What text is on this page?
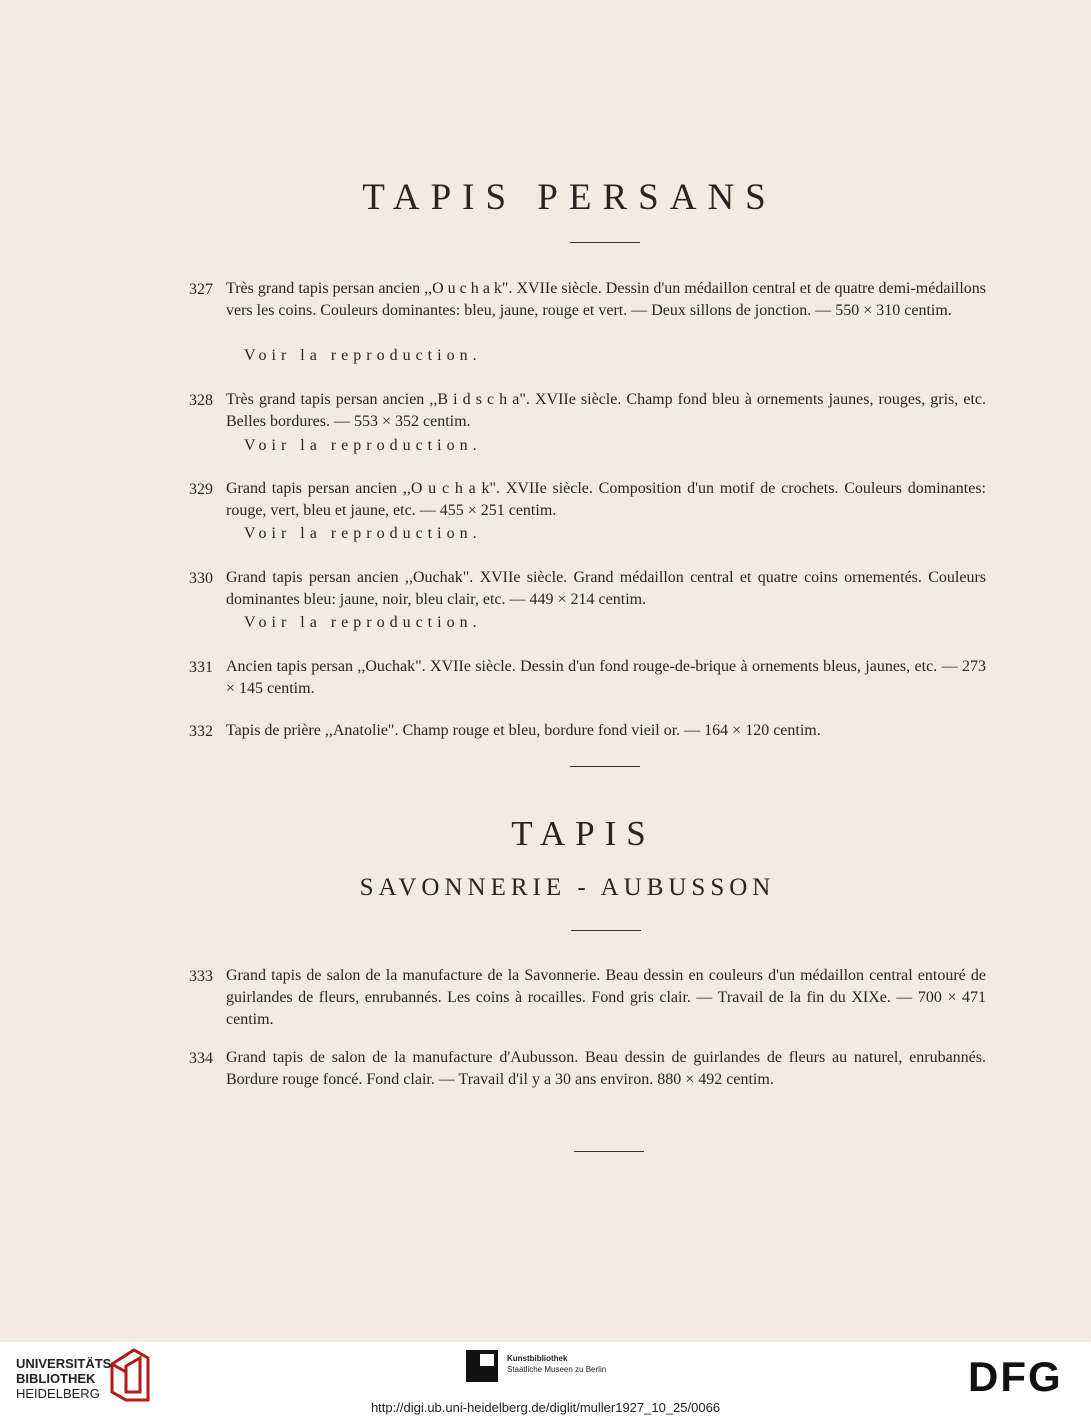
TAPIS PERSANS
327 Très grand tapis persan ancien ,,O u c h a k". XVIIe siècle. Dessin d'un médaillon central et de quatre demi-médaillons vers les coins. Couleurs dominantes: bleu, jaune, rouge et vert. — Deux sillons de jonction. — 550 × 310 centim.
Voir la reproduction.
328 Très grand tapis persan ancien ,,B i d s c h a". XVIIe siècle. Champ fond bleu à ornements jaunes, rouges, gris, etc. Belles bordures. — 553 × 352 centim.
Voir la reproduction.
329 Grand tapis persan ancien ,,O u c h a k". XVIIe siècle. Composition d'un motif de crochets. Couleurs dominantes: rouge, vert, bleu et jaune, etc. — 455 × 251 centim.
Voir la reproduction.
330 Grand tapis persan ancien ,,Ouchak". XVIIe siècle. Grand médaillon central et quatre coins ornementés. Couleurs dominantes bleu: jaune, noir, bleu clair, etc. — 449 × 214 centim.
Voir la reproduction.
331 Ancien tapis persan ,,Ouchak". XVIIe siècle. Dessin d'un fond rouge-de-brique à ornements bleus, jaunes, etc. — 273 × 145 centim.
332 Tapis de prière ,,Anatolie". Champ rouge et bleu, bordure fond vieil or. — 164 × 120 centim.
TAPIS
SAVONNERIE - AUBUSSON
333 Grand tapis de salon de la manufacture de la Savonnerie. Beau dessin en couleurs d'un médaillon central entouré de guirlandes de fleurs, enrubannés. Les coins à rocailles. Fond gris clair. — Travail de la fin du XIXe. — 700 × 471 centim.
334 Grand tapis de salon de la manufacture d'Aubusson. Beau dessin de guirlandes de fleurs au naturel, enrubannés. Bordure rouge foncé. Fond clair. — Travail d'il y a 30 ans environ. 880 × 492 centim.
UNIVERSITÄTS-
BIBLIOTHEK
HEIDELBERG
Kunstbibliothek
Staatliche Museen zu Berlin	DFG
http://digi.ub.uni-heidelberg.de/diglit/muller1927_10_25/0066
